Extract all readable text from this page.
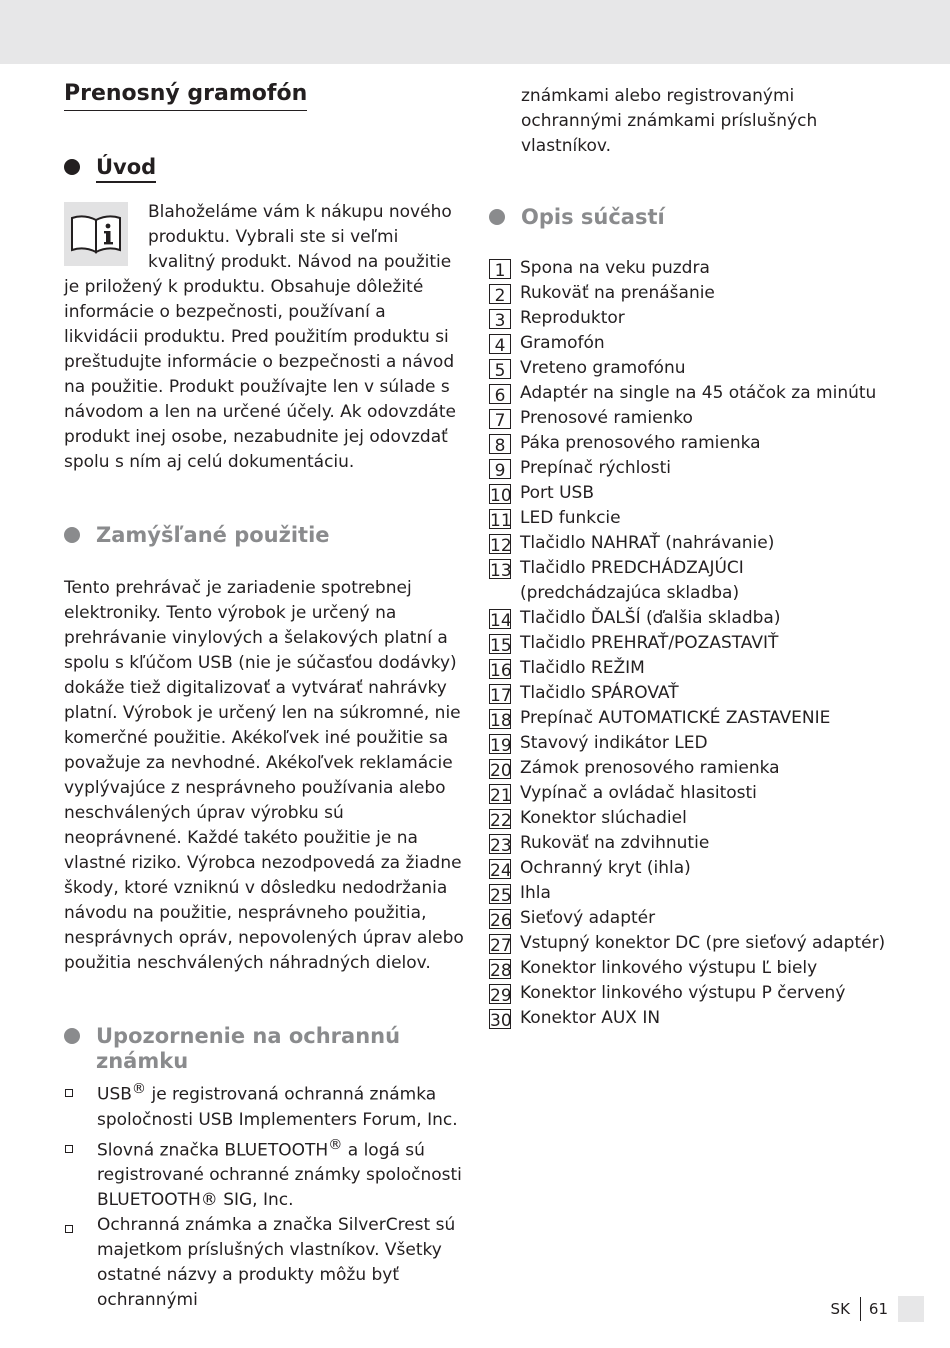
Prenosný gramofón
Úvod

Blahoželáme vám k nákupu nového produktu. Vybrali ste si veľmi kvalitný produkt. Návod na použitie je priložený k produktu. Obsahuje dôležité informácie o bezpečnosti, používaní a likvidácii produktu. Pred použitím produktu si preštudujte informácie o bezpečnosti a návod na použitie. Produkt používajte len v súlade s návodom a len na určené účely. Ak odovzdáte produkt inej osobe, nezabudnite jej odovzdať spolu s ním aj celú dokumentáciu.

Zamýšľané použitie

Tento prehrávač je zariadenie spotrebnej elektroniky. Tento výrobok je určený na prehrávanie vinylových a šelakových platní a spolu s kľúčom USB (nie je súčasťou dodávky) dokáže tiež digitalizovať a vytvárať nahrávky platní. Výrobok je určený len na súkromné, nie komerčné použitie. Akékoľvek iné použitie sa považuje za nevhodné. Akékoľvek reklamácie vyplývajúce z nesprávneho používania alebo neschválených úprav výrobku sú neoprávnené. Každé takéto použitie je na vlastné riziko. Výrobca nezodpovedá za žiadne škody, ktoré vzniknú v dôsledku nedodržania návodu na použitie, nesprávneho použitia, nesprávnych opráv, nepovolených úprav alebo použitia neschválených náhradných dielov.

Upozornenie na ochrannú známku
USB® je registrovaná ochranná známka spoločnosti USB Implementers Forum, Inc.
Slovná značka BLUETOOTH® a logá sú registrované ochranné známky spoločnosti BLUETOOTH® SIG, Inc.
Ochranná známka a značka SilverCrest sú majetkom príslušných vlastníkov. Všetky ostatné názvy a produkty môžu byť ochrannými

známkami alebo registrovanými ochrannými známkami príslušných vlastníkov.

Opis súčastí
1 Spona na veku puzdra
2 Rukoväť na prenášanie
3 Reproduktor
4 Gramofón
5 Vreteno gramofónu
6 Adaptér na single na 45 otáčok za minútu
7 Prenosové ramienko
8 Páka prenosového ramienka
9 Prepínač rýchlosti
10 Port USB
11 LED funkcie
12 Tlačidlo NAHRAŤ (nahrávanie)
13 Tlačidlo PREDCHÁDZAJÚCI (predchádzajúca skladba)
14 Tlačidlo ĎALŠÍ (ďalšia skladba)
15 Tlačidlo PREHRAŤ/POZASTAVIŤ
16 Tlačidlo REŽIM
17 Tlačidlo SPÁROVAŤ
18 Prepínač AUTOMATICKÉ ZASTAVENIE
19 Stavový indikátor LED
20 Zámok prenosového ramienka
21 Vypínač a ovládač hlasitosti
22 Konektor slúchadiel
23 Rukoväť na zdvihnutie
24 Ochranný kryt (ihla)
25 Ihla
26 Sieťový adaptér
27 Vstupný konektor DC (pre sieťový adaptér)
28 Konektor linkového výstupu Ľ biely
29 Konektor linkového výstupu P červený
30 Konektor AUX IN
SK	61
